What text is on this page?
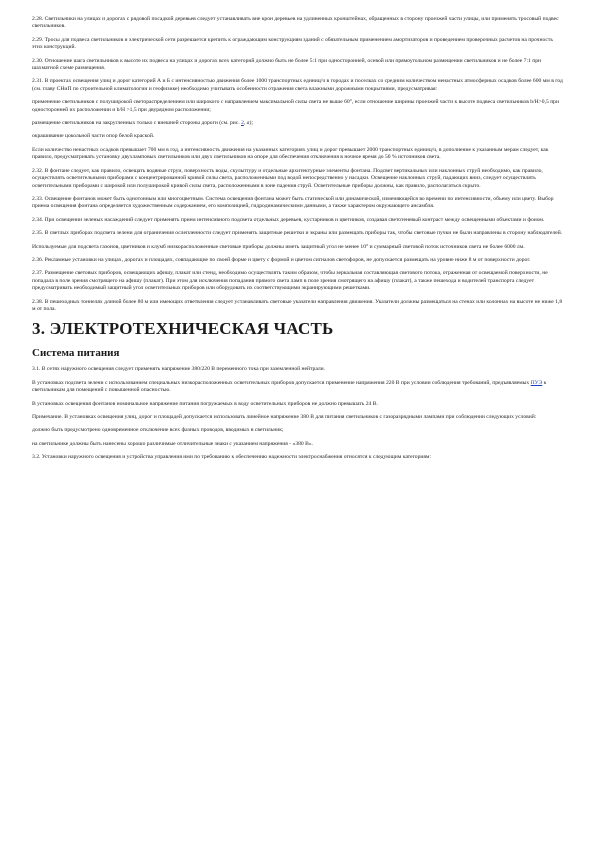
2.28. Светильники на улицах и дорогах с рядовой посадкой деревьев следует устанавливать вне крон деревьев на удлиненных кронштейнах, обращенных в сторону проезжей части улицы, или применять тросовый подвес светильников.

2.29. Тросы для подвеса светильников и электрической сети разрешается крепить к ограждающим конструкциям зданий с обязательным применением амортизаторов и проведением проверочных расчетов на прочность этих конструкций.

2.30. Отношение шага светильников к высоте их подвеса на улицах и дорогах всех категорий должно быть не более 5:1 при односторонней, осевой или прямоугольном размещении светильников и не более 7:1 при шахматной схеме размещения.

2.31. В проектах освещения улиц и дорог категорий А и Б с интенсивностью движения более 1000 транспортных единиц/ч в городах и поселках со средним количеством ненастных атмосферных осадков более 600 мм в год (см. главу СНиП по строительной климатологии и геофизике) необходимо учитывать особенности отражения света влажными дорожными покрытиями, предусматривая:

применение светильников с полуширокой светораспределением или широкого с направлением максимальной силы света не выше 60°, если отношение ширины проезжей части к высоте подвеса светильников b/H>0,5 при односторонней их расположении и b/H >1,5 при двурядном расположении;

размещение светильников на закругленных только с внешней стороны дороги (см. рис. 2, а);

окрашивание цокольной части опор белой краской.

Если количество ненастных осадков превышает 700 мм в год, а интенсивность движения на указанных категориях улиц и дорог превышает 2000 транспортных единиц/ч, в дополнение к указанным мерам следует, как правило, предусматривать установку двухламповых светильников или двух светильников на опоре для обеспечения отключения в ночное время до 50 % источников света.

2.32. В фонтане следует, как правило, освещать водяные струи, поверхность воды, скульптуру и отдельные архитектурные элементы фонтана. Подсвет вертикальных или наклонных струй необходимо, как правило, осуществлять осветительными приборами с концентрированной кривой силы света, расположенными под водой непосредственно у насадки. Освещение наклонных струй, падающих вниз, следует осуществлять осветительными приборами с широкой или полуширокой кривой силы света, расположенными в зоне падения струй. Осветительные приборы должны, как правило, располагаться скрыто.

2.33. Освещение фонтанов может быть однотонным или многоцветным. Система освещения фонтана может быть статической или динамической, изменяющейся во времени по интенсивности, объему или цвету. Выбор приема освещения фонтана определяется художественным содержанием, его композицией, гидродинамическими данными, а также характером окружающего ансамбля.

2.34. При освещении зеленых насаждений следует применять прием интенсивного подсвета отдельных деревьев, кустарников и цветников, создавая светотеневый контраст между освещенными объектами и фоном.

2.35. В светлых приборах подсвета зелени для ограничения ослепленности следует применять защитные решетки и экраны или размещать приборы так, чтобы световые пучки не были направлены в сторону наблюдателей.

Используемые для подсвета газонов, цветников и клумб низкорасположенные световые приборы должны иметь защитный угол не менее 10° и суммарный световой поток источников света не более 6000 лм.

2.36. Рекламные установки на улицах, дорогах и площадях, совпадающие по своей форме и цвету с формой и цветом сигналов светофоров, не допускается размещать на уровне ниже 8 м от поверхности дорог.

2.37. Размещение световых приборов, освещающих афишу, плакат или стенд, необходимо осуществлять таким образом, чтобы зеркальная составляющая светового потока, отраженная от освещаемой поверхности, не попадала в поле зрения смотрящего на афишу (плакат). При этом для исключения попадания прямого света ламп в поле зрения смотрящего на афишу (плакат), а также пешехода и водителей транспорта следует предусматривать необходимый защитный угол осветительных приборов или оборудовать их соответствующими экранирующими решетками.

2.38. В пешеходных тоннелях длиной более 80 м или имеющих ответвления следует устанавливать световые указатели направления движения. Указатели должны размещаться на стенах или колоннах на высоте не ниже 1,8 м от пола.

3. ЭЛЕКТРОТЕХНИЧЕСКАЯ ЧАСТЬ
Система питания

3.1. В сетях наружного освещения следует применять напряжение 380/220 В переменного тока при заземленной нейтрали.

В установках подсвета зелени с использованием специальных низкорасположенных осветительных приборов допускается применение напряжения 220 В при условии соблюдения требований, предъявляемых ПУЭ к светильникам для помещений с повышенной опасностью.

В установках освещения фонтанов номинальное напряжение питания погружаемых в воду осветительных приборов не должно превышать 24 В.

Примечание. В установках освещения улиц, дорог и площадей допускается использовать линейное напряжение 380 В для питания светильников с газоразрядными лампами при соблюдении следующих условий:

должно быть предусмотрено одновременное отключение всех фазных проводов, вводимых в светильник;

на светильнике должны быть нанесены хорошо различимые отличительные знаки с указанием напряжения - «380 В».

3.2. Установки наружного освещения и устройства управления ими по требованию к обеспечению надежности электроснабжения относятся к следующим категориям:
